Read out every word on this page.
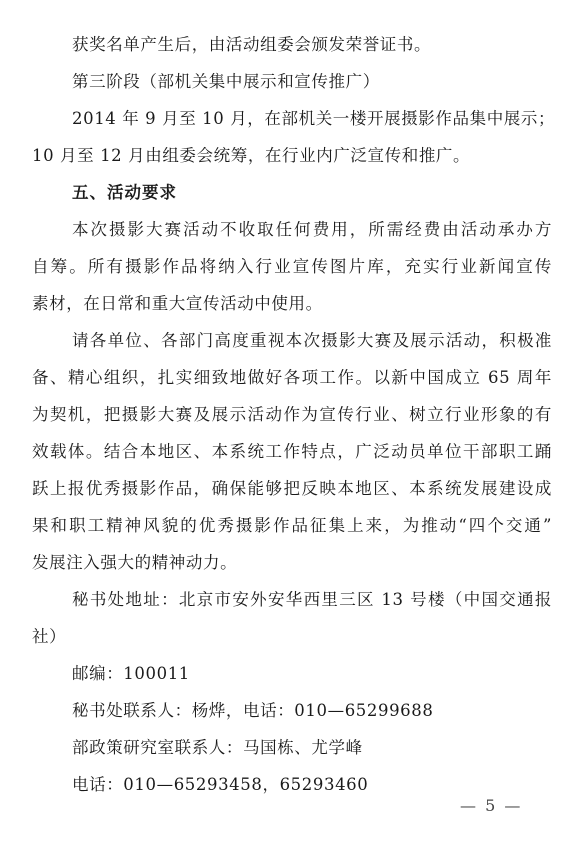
获奖名单产生后，由活动组委会颁发荣誉证书。
第三阶段（部机关集中展示和宣传推广）
2014 年 9 月至 10 月，在部机关一楼开展摄影作品集中展示；
10 月至 12 月由组委会统筹，在行业内广泛宣传和推广。
五、活动要求
本次摄影大赛活动不收取任何费用，所需经费由活动承办方
自筹。所有摄影作品将纳入行业宣传图片库，充实行业新闻宣传
素材，在日常和重大宣传活动中使用。
请各单位、各部门高度重视本次摄影大赛及展示活动，积极准
备、精心组织，扎实细致地做好各项工作。以新中国成立 65 周年
为契机，把摄影大赛及展示活动作为宣传行业、树立行业形象的有
效载体。结合本地区、本系统工作特点，广泛动员单位干部职工踊
跃上报优秀摄影作品，确保能够把反映本地区、本系统发展建设成
果和职工精神风貌的优秀摄影作品征集上来，为推动“四个交通”
发展注入强大的精神动力。
秘书处地址：北京市安外安华西里三区 13 号楼（中国交通报
社）
邮编：100011
秘书处联系人：杨烨，电话：010—65299688
部政策研究室联系人：马国栋、尤学峰
电话：010—65293458，65293460
— 5 —
